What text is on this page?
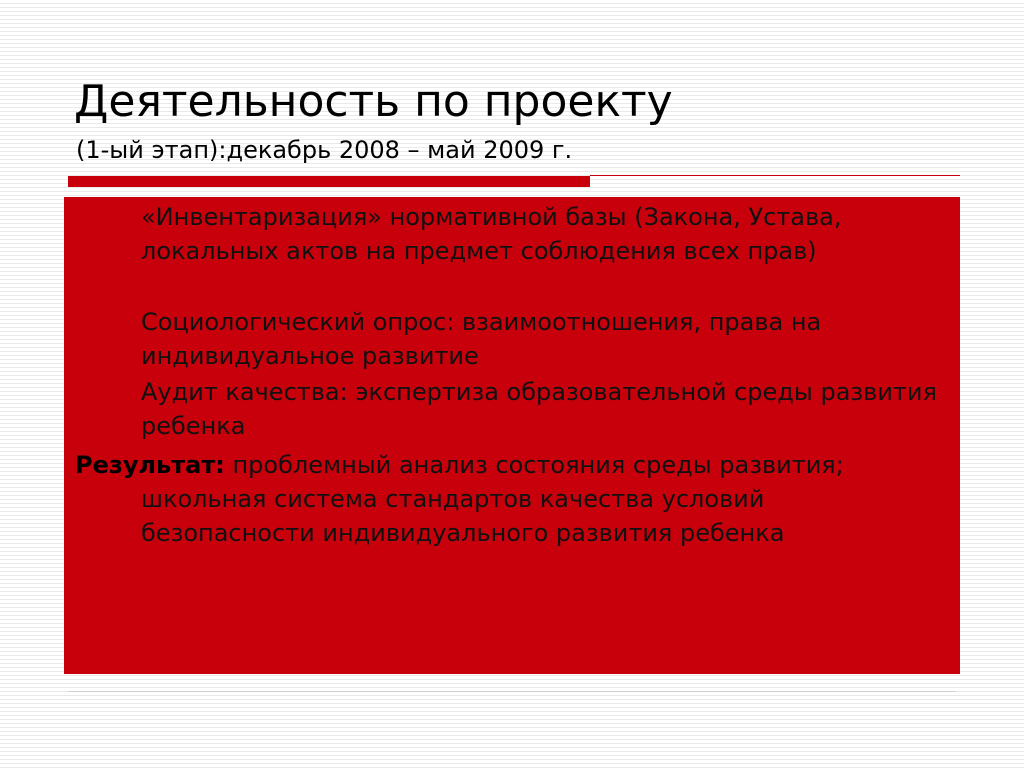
Деятельность по проекту

(1-ый этап):декабрь 2008 – май 2009 г.

«Инвентаризация» нормативной базы (Закона, Устава, локальных актов на предмет соблюдения всех прав)
Социологический опрос: взаимоотношения, права на индивидуальное развитие
Аудит качества: экспертиза образовательной среды развития ребенка

Результат: проблемный анализ состояния среды развития; школьная система стандартов качества условий безопасности индивидуального развития ребенка
